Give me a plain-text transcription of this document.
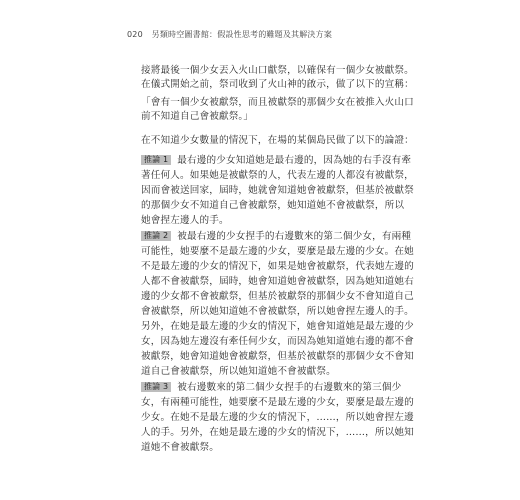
020 另類時空圖書館：假設性思考的難題及其解決方案
接將最後一個少女丟入火山口獻祭，以確保有一個少女被獻祭。
在儀式開始之前，祭司收到了火山神的啟示，做了以下的宣稱：
「會有一個少女被獻祭，而且被獻祭的那個少女在被推入火山口
前不知道自己會被獻祭。」
在不知道少女數量的情況下，在場的某個島民做了以下的論證：
推論 1 最右邊的少女知道她是最右邊的，因為她的右手沒有牽
著任何人。如果她是被獻祭的人，代表左邊的人都沒有被獻祭，
因而會被送回家，屆時，她就會知道她會被獻祭，但基於被獻祭
的那個少女不知道自己會被獻祭，她知道她不會被獻祭，所以
她會捏左邊人的手。
推論 2 被最右邊的少女捏手的右邊數來的第二個少女，有兩種
可能性，她要麼不是最左邊的少女，要麼是最左邊的少女。在她
不是最左邊的少女的情況下，如果是她會被獻祭，代表她左邊的
人都不會被獻祭，屆時，她會知道她會被獻祭，因為她知道她右
邊的少女都不會被獻祭，但基於被獻祭的那個少女不會知道自己
會被獻祭，所以她知道她不會被獻祭，所以她會捏左邊人的手。
另外，在她是最左邊的少女的情況下，她會知道她是最左邊的少
女，因為她左邊沒有牽任何少女，而因為她知道她右邊的都不會
被獻祭，她會知道她會被獻祭，但基於被獻祭的那個少女不會知
道自己會被獻祭，所以她知道她不會被獻祭。
推論 3 被右邊數來的第二個少女捏手的右邊數來的第三個少
女，有兩種可能性，她要麼不是最左邊的少女，要麼是最左邊的
少女。在她不是最左邊的少女的情況下，……，所以她會捏左邊
人的手。另外，在她是最左邊的少女的情況下，……，所以她知
道她不會被獻祭。
